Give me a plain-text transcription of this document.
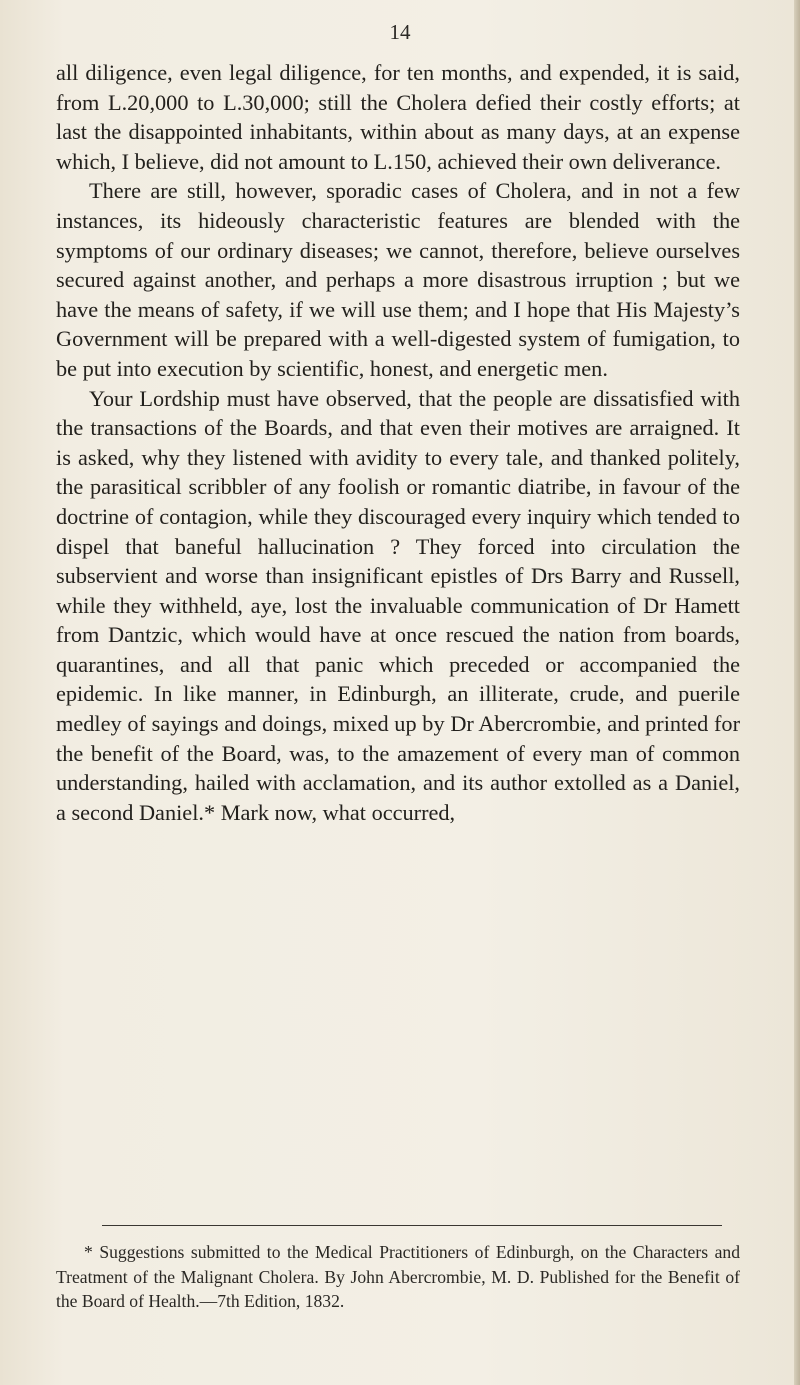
14

all diligence, even legal diligence, for ten months, and expended, it is said, from L.20,000 to L.30,000; still the Cholera defied their costly efforts; at last the disappointed inhabitants, within about as many days, at an expense which, I believe, did not amount to L.150, achieved their own deliverance.

There are still, however, sporadic cases of Cholera, and in not a few instances, its hideously characteristic features are blended with the symptoms of our ordinary diseases; we cannot, therefore, believe ourselves secured against another, and perhaps a more disastrous irruption ; but we have the means of safety, if we will use them; and I hope that His Majesty’s Government will be prepared with a well-digested system of fumigation, to be put into execution by scientific, honest, and energetic men.

Your Lordship must have observed, that the people are dissatisfied with the transactions of the Boards, and that even their motives are arraigned. It is asked, why they listened with avidity to every tale, and thanked politely, the parasitical scribbler of any foolish or romantic diatribe, in favour of the doctrine of contagion, while they discouraged every inquiry which tended to dispel that baneful hallucination ? They forced into circulation the subservient and worse than insignificant epistles of Drs Barry and Russell, while they withheld, aye, lost the invaluable communication of Dr Hamett from Dantzic, which would have at once rescued the nation from boards, quarantines, and all that panic which preceded or accompanied the epidemic. In like manner, in Edinburgh, an illiterate, crude, and puerile medley of sayings and doings, mixed up by Dr Abercrombie, and printed for the benefit of the Board, was, to the amazement of every man of common understanding, hailed with acclamation, and its author extolled as a Daniel, a second Daniel.* Mark now, what occurred,

* Suggestions submitted to the Medical Practitioners of Edinburgh, on the Characters and Treatment of the Malignant Cholera. By John Abercrombie, M. D. Published for the Benefit of the Board of Health.—7th Edition, 1832.
